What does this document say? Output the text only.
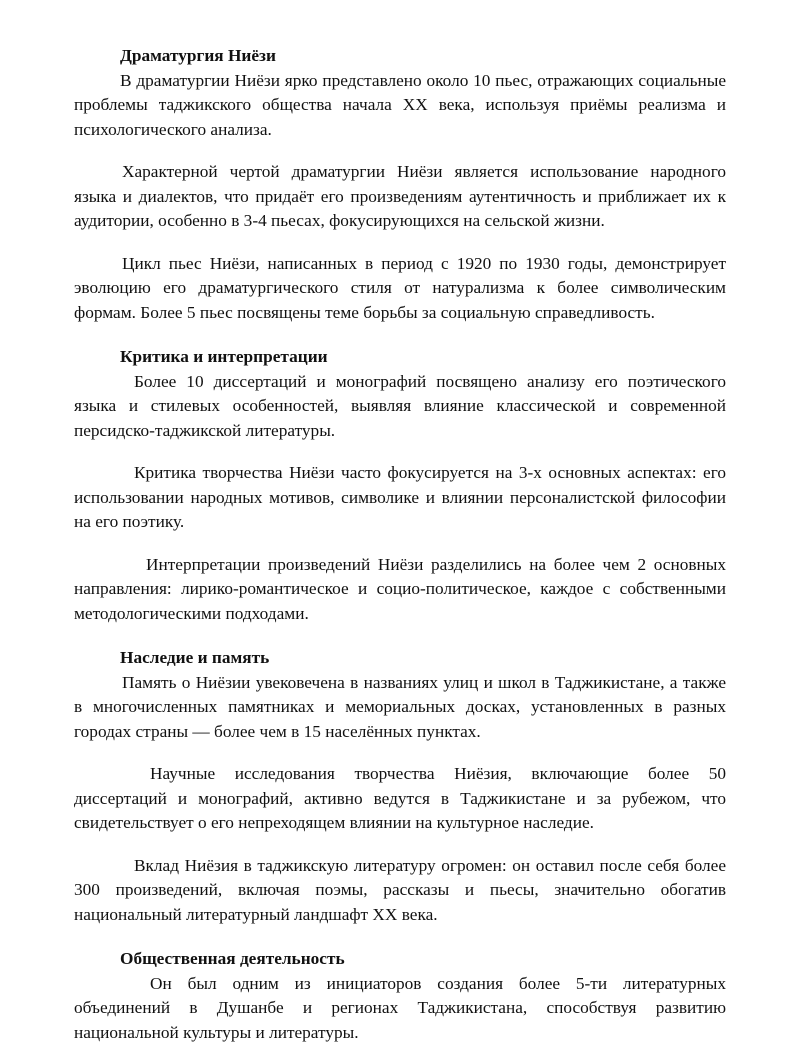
Драматургия Ниёзи

В драматургии Ниёзи ярко представлено около 10 пьес, отражающих социальные проблемы таджикского общества начала XX века, используя приёмы реализма и психологического анализа.

Характерной чертой драматургии Ниёзи является использование народного языка и диалектов, что придаёт его произведениям аутентичность и приближает их к аудитории, особенно в 3-4 пьесах, фокусирующихся на сельской жизни.

Цикл пьес Ниёзи, написанных в период с 1920 по 1930 годы, демонстрирует эволюцию его драматургического стиля от натурализма к более символическим формам. Более 5 пьес посвящены теме борьбы за социальную справедливость.

Критика и интерпретации

Более 10 диссертаций и монографий посвящено анализу его поэтического языка и стилевых особенностей, выявляя влияние классической и современной персидско-таджикской литературы.

Критика творчества Ниёзи часто фокусируется на 3-х основных аспектах: его использовании народных мотивов, символике и влиянии персоналистской философии на его поэтику.

Интерпретации произведений Ниёзи разделились на более чем 2 основных направления: лирико-романтическое и социо-политическое, каждое с собственными методологическими подходами.

Наследие и память

Память о Ниёзии увековечена в названиях улиц и школ в Таджикистане, а также в многочисленных памятниках и мемориальных досках, установленных в разных городах страны — более чем в 15 населённых пунктах.

Научные исследования творчества Ниёзия, включающие более 50 диссертаций и монографий, активно ведутся в Таджикистане и за рубежом, что свидетельствует о его непреходящем влиянии на культурное наследие.

Вклад Ниёзия в таджикскую литературу огромен: он оставил после себя более 300 произведений, включая поэмы, рассказы и пьесы, значительно обогатив национальный литературный ландшафт XX века.

Общественная деятельность

Он был одним из инициаторов создания более 5-ти литературных объединений в Душанбе и регионах Таджикистана, способствуя развитию национальной культуры и литературы.
